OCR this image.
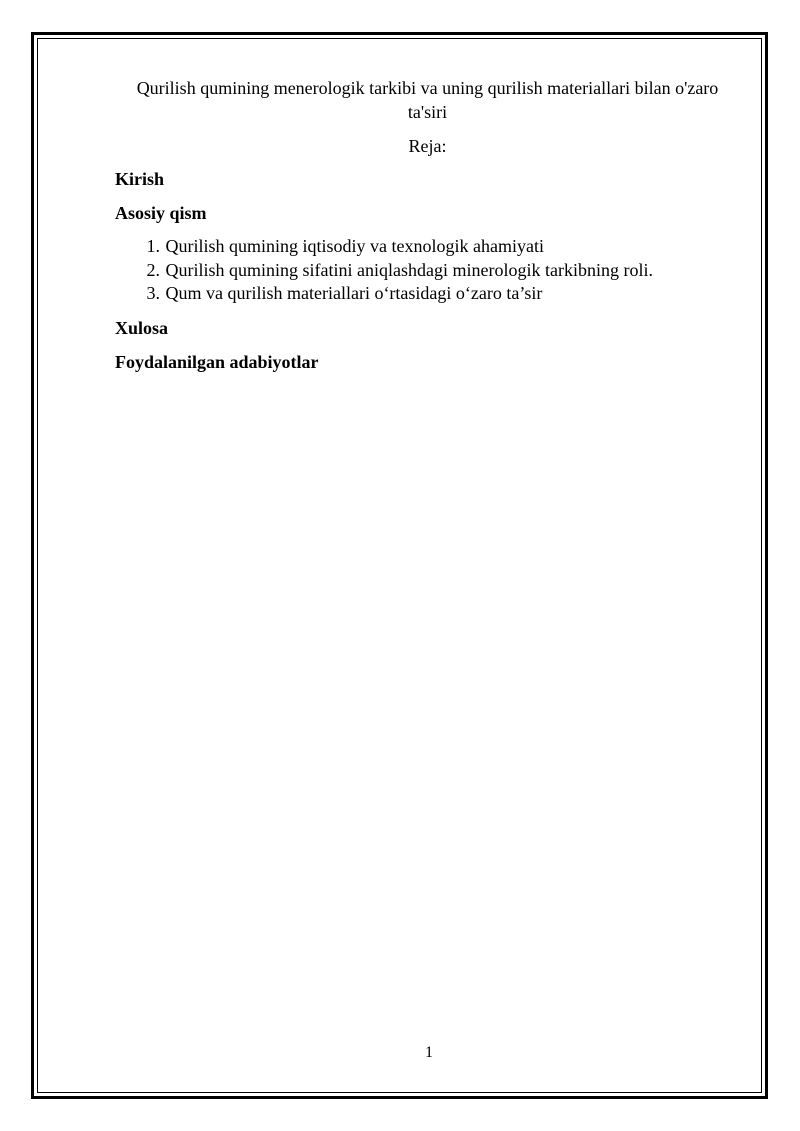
Qurilish qumining menerologik tarkibi va uning qurilish materiallari bilan o'zaro ta'siri
Reja:
Kirish
Asosiy qism
1. Qurilish qumining iqtisodiy va texnologik ahamiyati
2. Qurilish qumining sifatini aniqlashdagi minerologik tarkibning roli.
3. Qum va qurilish materiallari o‘rtasidagi o‘zaro ta’sir
Xulosa
Foydalanilgan adabiyotlar
1
